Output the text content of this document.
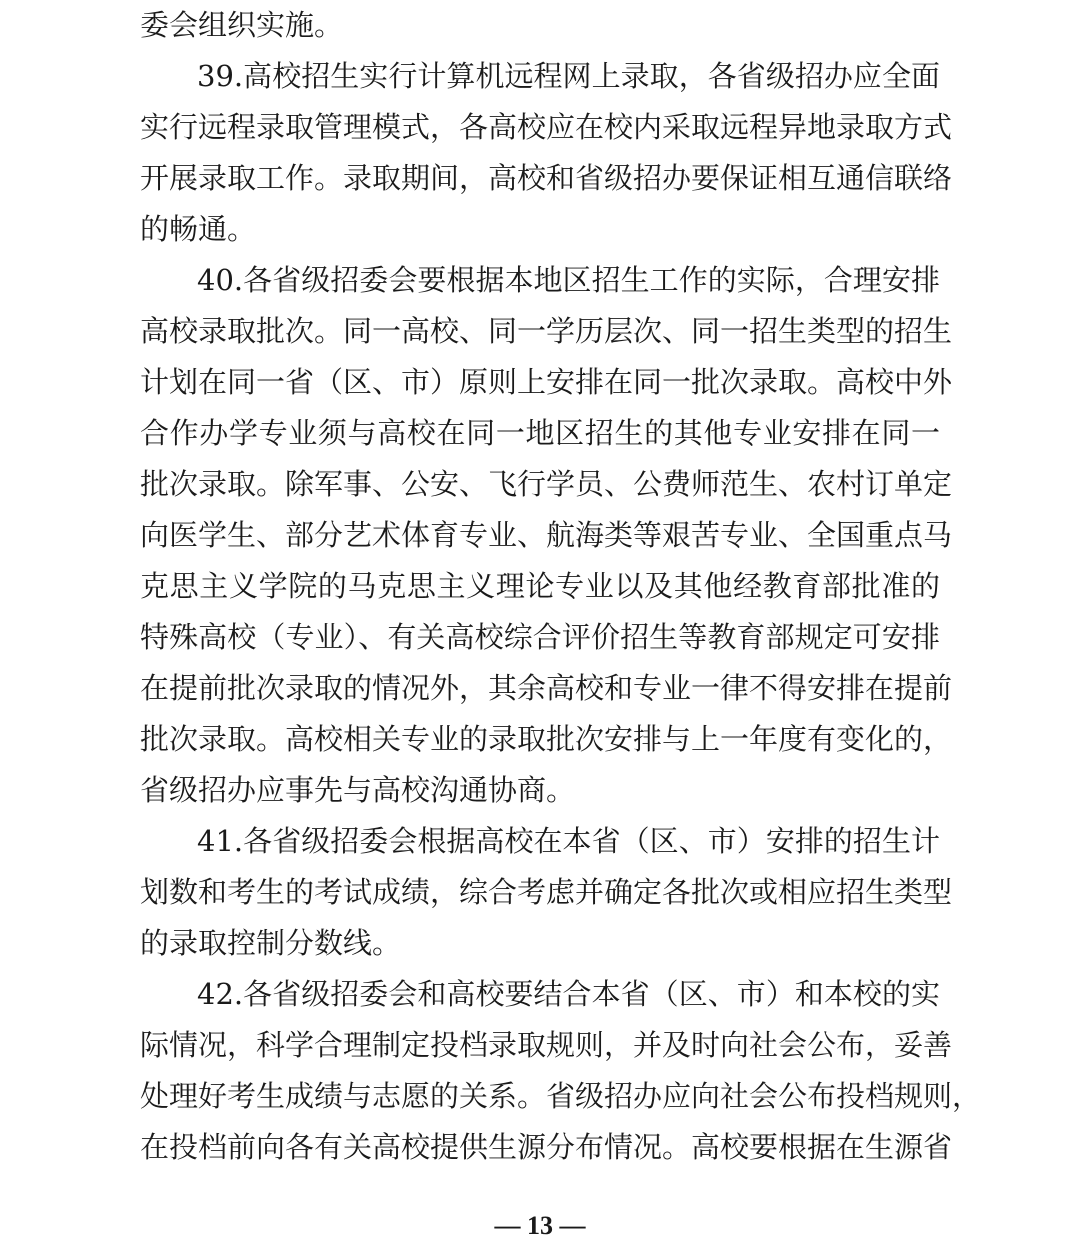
委会组织实施。
39.高校招生实行计算机远程网上录取，各省级招办应全面
实行远程录取管理模式，各高校应在校内采取远程异地录取方式
开展录取工作。录取期间，高校和省级招办要保证相互通信联络
的畅通。
40.各省级招委会要根据本地区招生工作的实际，合理安排
高校录取批次。同一高校、同一学历层次、同一招生类型的招生
计划在同一省（区、市）原则上安排在同一批次录取。高校中外
合作办学专业须与高校在同一地区招生的其他专业安排在同一
批次录取。除军事、公安、飞行学员、公费师范生、农村订单定
向医学生、部分艺术体育专业、航海类等艰苦专业、全国重点马
克思主义学院的马克思主义理论专业以及其他经教育部批准的
特殊高校（专业）、有关高校综合评价招生等教育部规定可安排
在提前批次录取的情况外，其余高校和专业一律不得安排在提前
批次录取。高校相关专业的录取批次安排与上一年度有变化的，
省级招办应事先与高校沟通协商。
41.各省级招委会根据高校在本省（区、市）安排的招生计
划数和考生的考试成绩，综合考虑并确定各批次或相应招生类型
的录取控制分数线。
42.各省级招委会和高校要结合本省（区、市）和本校的实
际情况，科学合理制定投档录取规则，并及时向社会公布，妥善
处理好考生成绩与志愿的关系。省级招办应向社会公布投档规则，
在投档前向各有关高校提供生源分布情况。高校要根据在生源省
— 13 —
